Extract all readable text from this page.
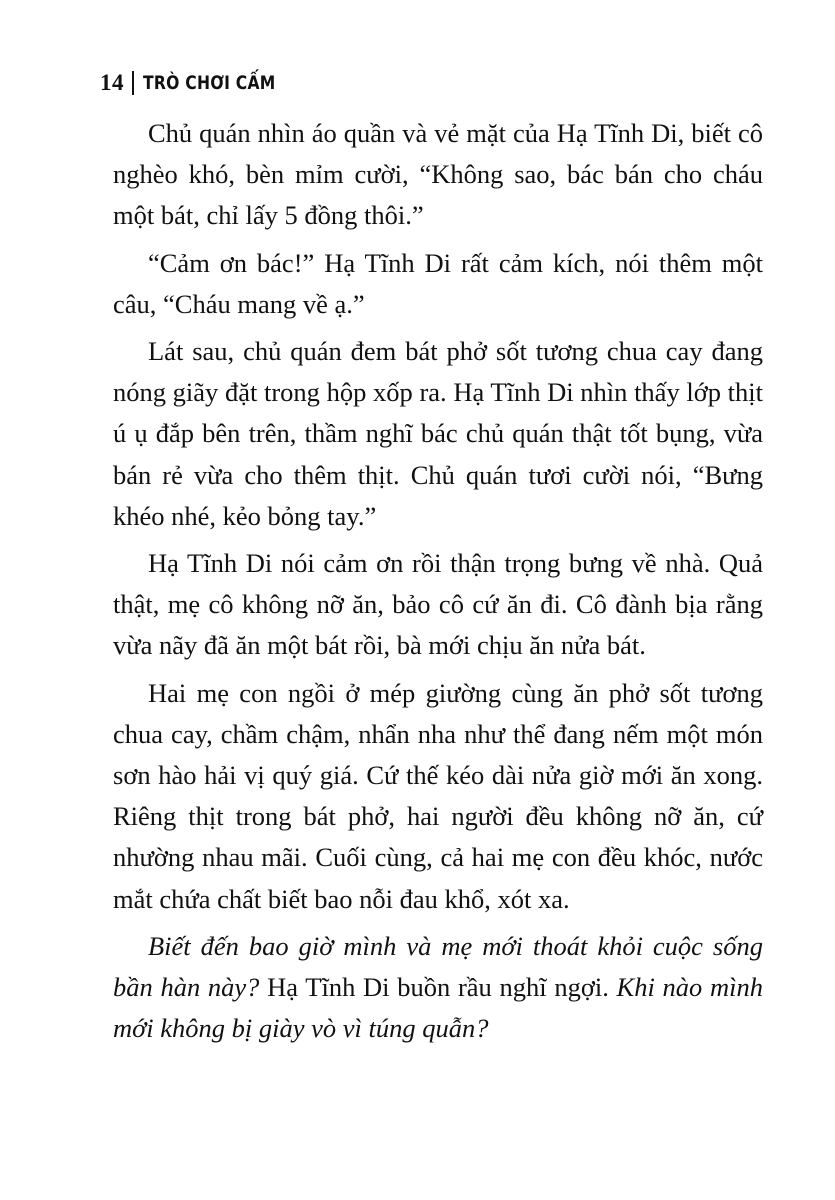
14 TRÒ CHƠI CẤM

Chủ quán nhìn áo quần và vẻ mặt của Hạ Tĩnh Di, biết cô nghèo khó, bèn mỉm cười, “Không sao, bác bán cho cháu một bát, chỉ lấy 5 đồng thôi.”

“Cảm ơn bác!” Hạ Tĩnh Di rất cảm kích, nói thêm một câu, “Cháu mang về ạ.”

Lát sau, chủ quán đem bát phở sốt tương chua cay đang nóng giãy đặt trong hộp xốp ra. Hạ Tĩnh Di nhìn thấy lớp thịt ú ụ đắp bên trên, thầm nghĩ bác chủ quán thật tốt bụng, vừa bán rẻ vừa cho thêm thịt. Chủ quán tươi cười nói, “Bưng khéo nhé, kẻo bỏng tay.”

Hạ Tĩnh Di nói cảm ơn rồi thận trọng bưng về nhà. Quả thật, mẹ cô không nỡ ăn, bảo cô cứ ăn đi. Cô đành bịa rằng vừa nãy đã ăn một bát rồi, bà mới chịu ăn nửa bát.

Hai mẹ con ngồi ở mép giường cùng ăn phở sốt tương chua cay, chầm chậm, nhẩn nha như thể đang nếm một món sơn hào hải vị quý giá. Cứ thế kéo dài nửa giờ mới ăn xong. Riêng thịt trong bát phở, hai người đều không nỡ ăn, cứ nhường nhau mãi. Cuối cùng, cả hai mẹ con đều khóc, nước mắt chứa chất biết bao nỗi đau khổ, xót xa.

Biết đến bao giờ mình và mẹ mới thoát khỏi cuộc sống bần hàn này? Hạ Tĩnh Di buồn rầu nghĩ ngợi. Khi nào mình mới không bị giày vò vì túng quẫn?
